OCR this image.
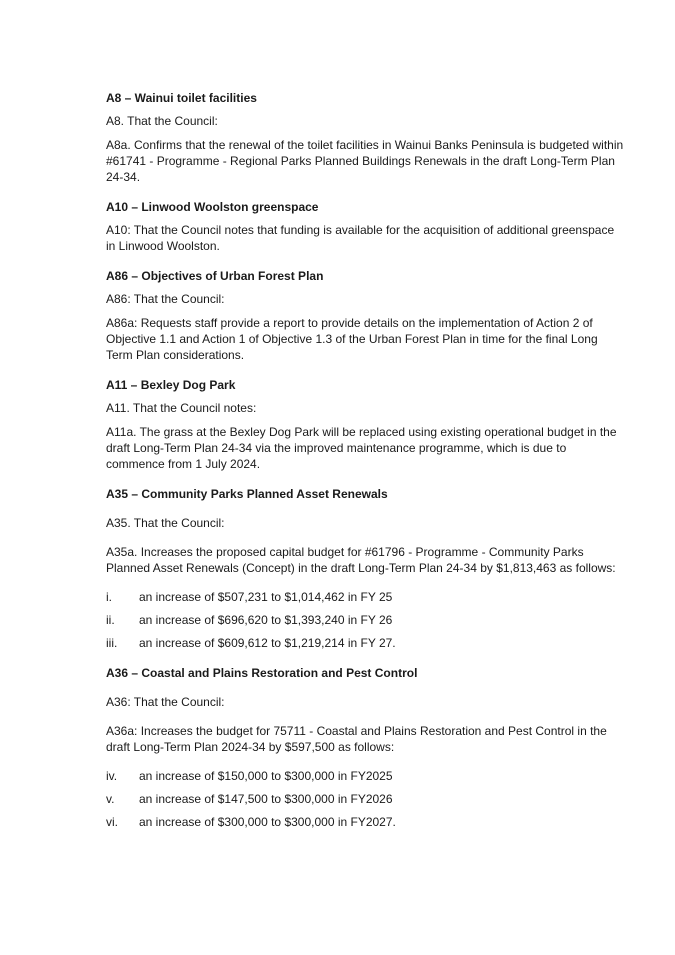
A8 – Wainui toilet facilities

A8. That the Council:

A8a. Confirms that the renewal of the toilet facilities in Wainui Banks Peninsula is budgeted within #61741 - Programme - Regional Parks Planned Buildings Renewals in the draft Long-Term Plan 24-34.

A10 – Linwood Woolston greenspace

A10: That the Council notes that funding is available for the acquisition of additional greenspace in Linwood Woolston.

A86 – Objectives of Urban Forest Plan

A86: That the Council:

A86a: Requests staff provide a report to provide details on the implementation of Action 2 of Objective 1.1 and Action 1 of Objective 1.3 of the Urban Forest Plan in time for the final Long Term Plan considerations.

A11 – Bexley Dog Park

A11. That the Council notes:

A11a. The grass at the Bexley Dog Park will be replaced using existing operational budget in the draft Long-Term Plan 24-34 via the improved maintenance programme, which is due to commence from 1 July 2024.

A35 – Community Parks Planned Asset Renewals

A35. That the Council:

A35a. Increases the proposed capital budget for #61796 - Programme - Community Parks Planned Asset Renewals (Concept) in the draft Long-Term Plan 24-34 by $1,813,463 as follows:

i.	an increase of $507,231 to $1,014,462 in FY 25
ii.	an increase of $696,620 to $1,393,240 in FY 26
iii.	an increase of $609,612 to $1,219,214 in FY 27.

A36 – Coastal and Plains Restoration and Pest Control

A36: That the Council:

A36a: Increases the budget for 75711 - Coastal and Plains Restoration and Pest Control in the draft Long-Term Plan 2024-34 by $597,500 as follows:

iv.	an increase of $150,000 to $300,000 in FY2025
v.	an increase of $147,500 to $300,000 in FY2026
vi.	an increase of $300,000 to $300,000 in FY2027.
